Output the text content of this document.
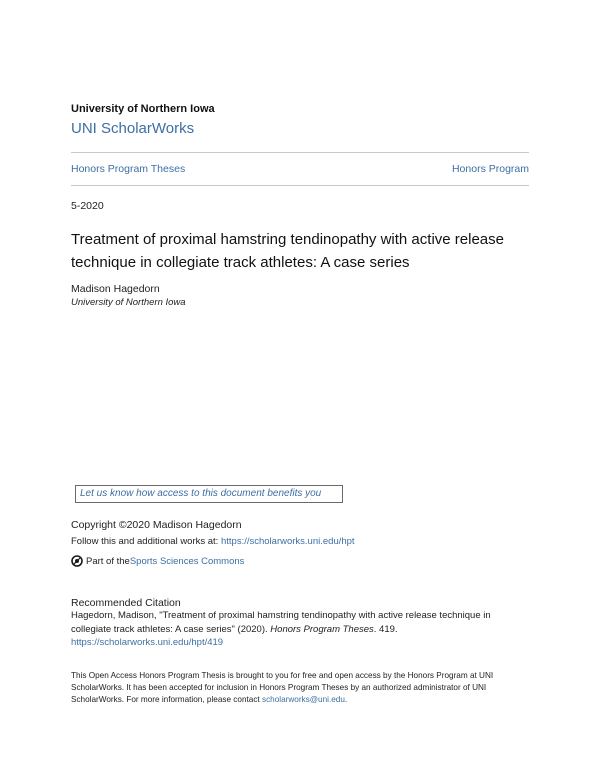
University of Northern Iowa
UNI ScholarWorks
Honors Program Theses	Honors Program
5-2020
Treatment of proximal hamstring tendinopathy with active release technique in collegiate track athletes: A case series
Madison Hagedorn
University of Northern Iowa
Let us know how access to this document benefits you
Copyright ©2020 Madison Hagedorn
Follow this and additional works at: https://scholarworks.uni.edu/hpt
Part of the Sports Sciences Commons
Recommended Citation
Hagedorn, Madison, "Treatment of proximal hamstring tendinopathy with active release technique in collegiate track athletes: A case series" (2020). Honors Program Theses. 419.
https://scholarworks.uni.edu/hpt/419
This Open Access Honors Program Thesis is brought to you for free and open access by the Honors Program at UNI ScholarWorks. It has been accepted for inclusion in Honors Program Theses by an authorized administrator of UNI ScholarWorks. For more information, please contact scholarworks@uni.edu.
